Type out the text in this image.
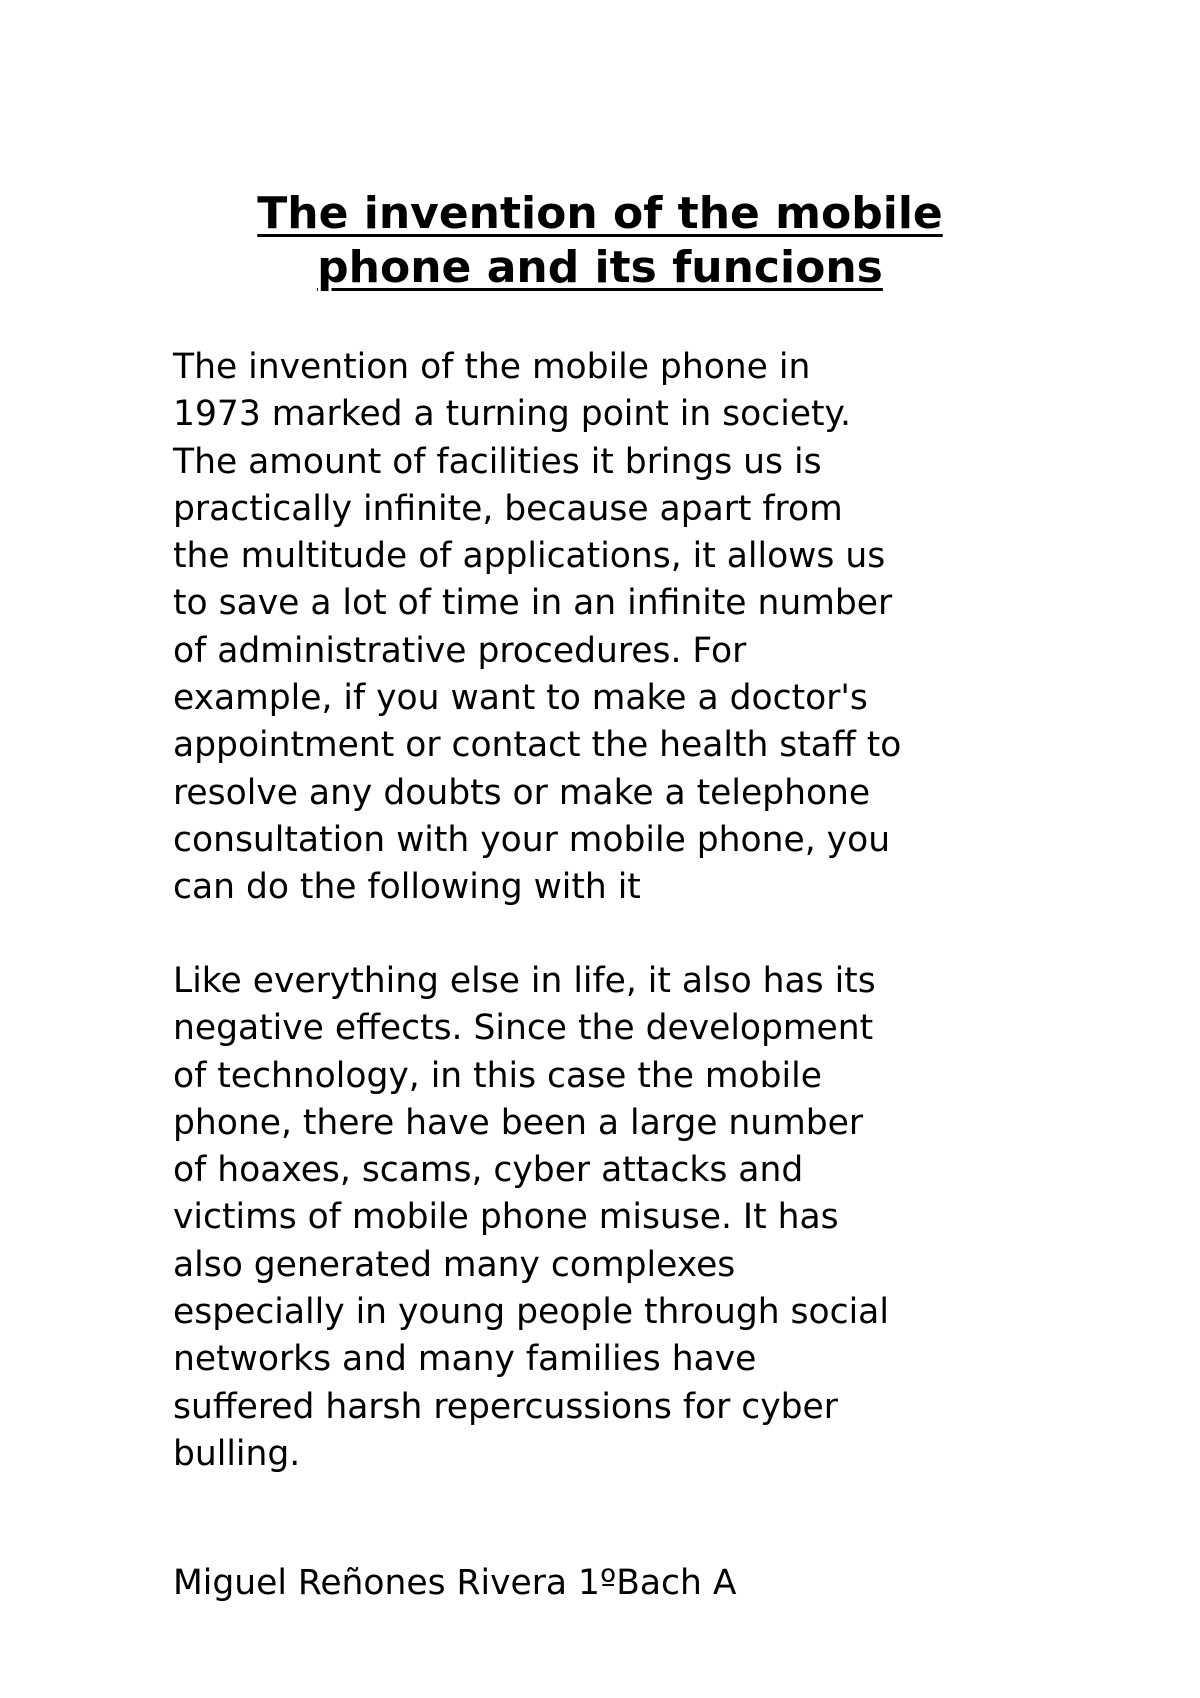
The invention of the mobile
phone and its funcions

The invention of the mobile phone in
1973 marked a turning point in society.
The amount of facilities it brings us is
practically infinite, because apart from
the multitude of applications, it allows us
to save a lot of time in an infinite number
of administrative procedures. For
example, if you want to make a doctor's
appointment or contact the health staff to
resolve any doubts or make a telephone
consultation with your mobile phone, you
can do the following with it

Like everything else in life, it also has its
negative effects. Since the development
of technology, in this case the mobile
phone, there have been a large number
of hoaxes, scams, cyber attacks and
victims of mobile phone misuse. It has
also generated many complexes
especially in young people through social
networks and many families have
suffered harsh repercussions for cyber
bulling.

Miguel Reñones Rivera 1ºBach A
